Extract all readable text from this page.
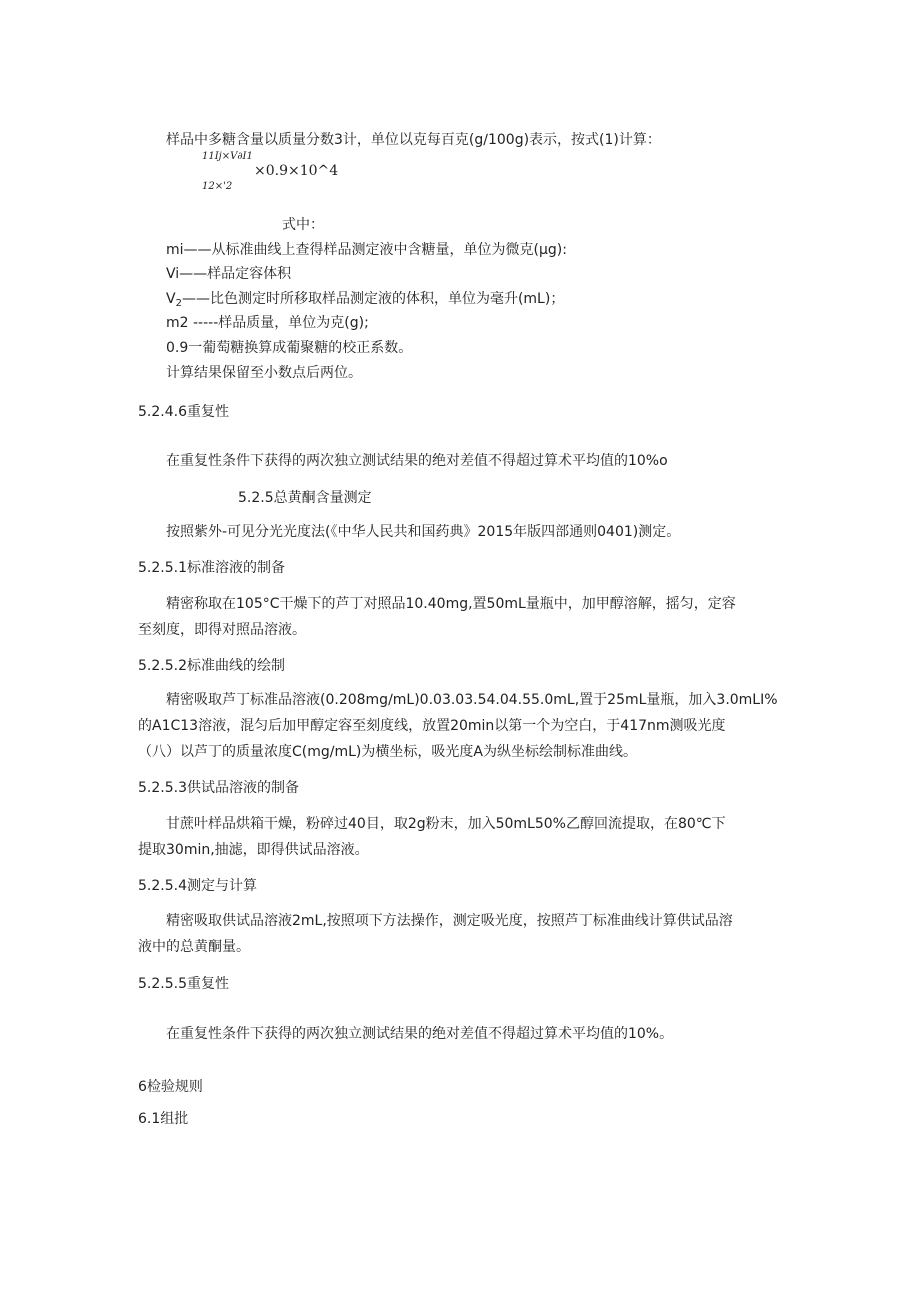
样品中多糖含量以质量分数3计，单位以克每百克(g∕100g)表示，按式(1)计算：
11Ij×V∂I1
×0.9×10^4
12×'2
式中：
mi——从标准曲线上查得样品测定液中含糖量，单位为微克(μg):
Vi——样品定容体积
$V_2——$比色测定时所移取样品测定液的体积，单位为毫升(mL)；
m2 -----样品质量，单位为克(g);
0.9一葡萄糖换算成葡聚糖的校正系数。
计算结果保留至小数点后两位。
5.2.4.6重复性
在重复性条件下获得的两次独立测试结果的绝对差值不得超过算术平均值的10%o
5.2.5总黄酮含量测定
按照紫外-可见分光光度法(《中华人民共和国药典》2015年版四部通则0401)测定。
5.2.5.1标准溶液的制备
精密称取在105°C干燥下的芦丁对照品10.40mg,置50mL量瓶中，加甲醇溶解，摇匀，定容
至刻度，即得对照品溶液。
5.2.5.2标准曲线的绘制
精密吸取芦丁标准品溶液(0.208mg∕mL)0.03.03.54.04.55.0mL,置于25mL量瓶，加入3.0mLI%
的A1C13溶液，混匀后加甲醇定容至刻度线，放置20min以第一个为空白，于417nm测吸光度
（八）以芦丁的质量浓度C(mg∕mL)为横坐标，吸光度A为纵坐标绘制标准曲线。
5.2.5.3供试品溶液的制备
甘蔗叶样品烘箱干燥，粉碎过40目，取2g粉末，加入50mL50%乙醇回流提取，在80℃下
提取30min,抽滤，即得供试品溶液。
5.2.5.4测定与计算
精密吸取供试品溶液2mL,按照项下方法操作，测定吸光度，按照芦丁标准曲线计算供试品溶
液中的总黄酮量。
5.2.5.5重复性
在重复性条件下获得的两次独立测试结果的绝对差值不得超过算术平均值的10%。
6检验规则
6.1组批
